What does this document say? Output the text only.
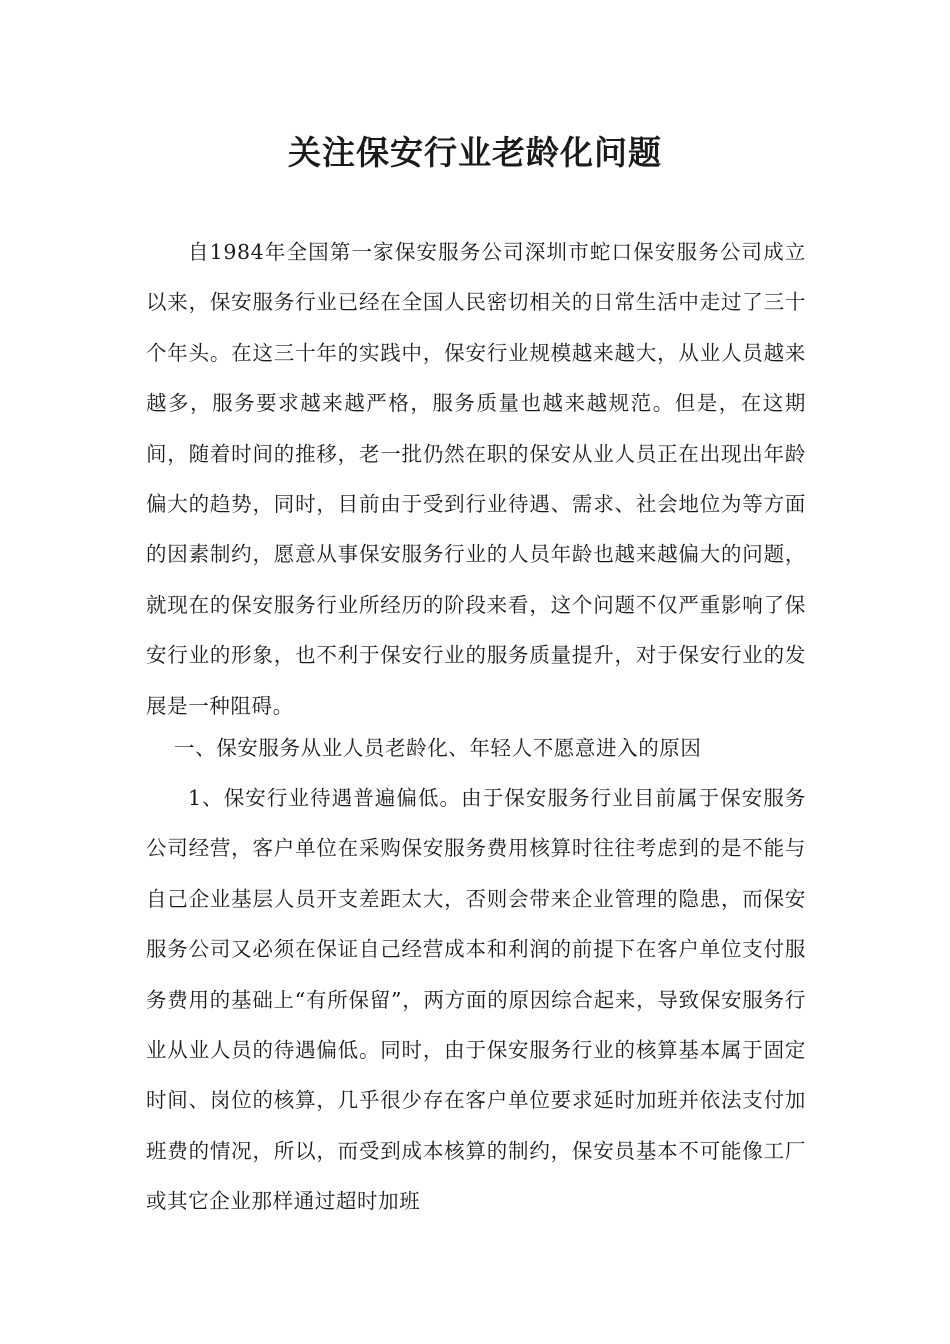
关注保安行业老龄化问题

自1984年全国第一家保安服务公司深圳市蛇口保安服务公司成立以来，保安服务行业已经在全国人民密切相关的日常生活中走过了三十个年头。在这三十年的实践中，保安行业规模越来越大，从业人员越来越多，服务要求越来越严格，服务质量也越来越规范。但是，在这期间，随着时间的推移，老一批仍然在职的保安从业人员正在出现出年龄偏大的趋势，同时，目前由于受到行业待遇、需求、社会地位为等方面的因素制约，愿意从事保安服务行业的人员年龄也越来越偏大的问题，就现在的保安服务行业所经历的阶段来看，这个问题不仅严重影响了保安行业的形象，也不利于保安行业的服务质量提升，对于保安行业的发展是一种阻碍。

一、保安服务从业人员老龄化、年轻人不愿意进入的原因

1、保安行业待遇普遍偏低。由于保安服务行业目前属于保安服务公司经营，客户单位在采购保安服务费用核算时往往考虑到的是不能与自己企业基层人员开支差距太大，否则会带来企业管理的隐患，而保安服务公司又必须在保证自己经营成本和利润的前提下在客户单位支付服务费用的基础上“有所保留”，两方面的原因综合起来，导致保安服务行业从业人员的待遇偏低。同时，由于保安服务行业的核算基本属于固定时间、岗位的核算，几乎很少存在客户单位要求延时加班并依法支付加班费的情况，所以，而受到成本核算的制约，保安员基本不可能像工厂或其它企业那样通过超时加班
